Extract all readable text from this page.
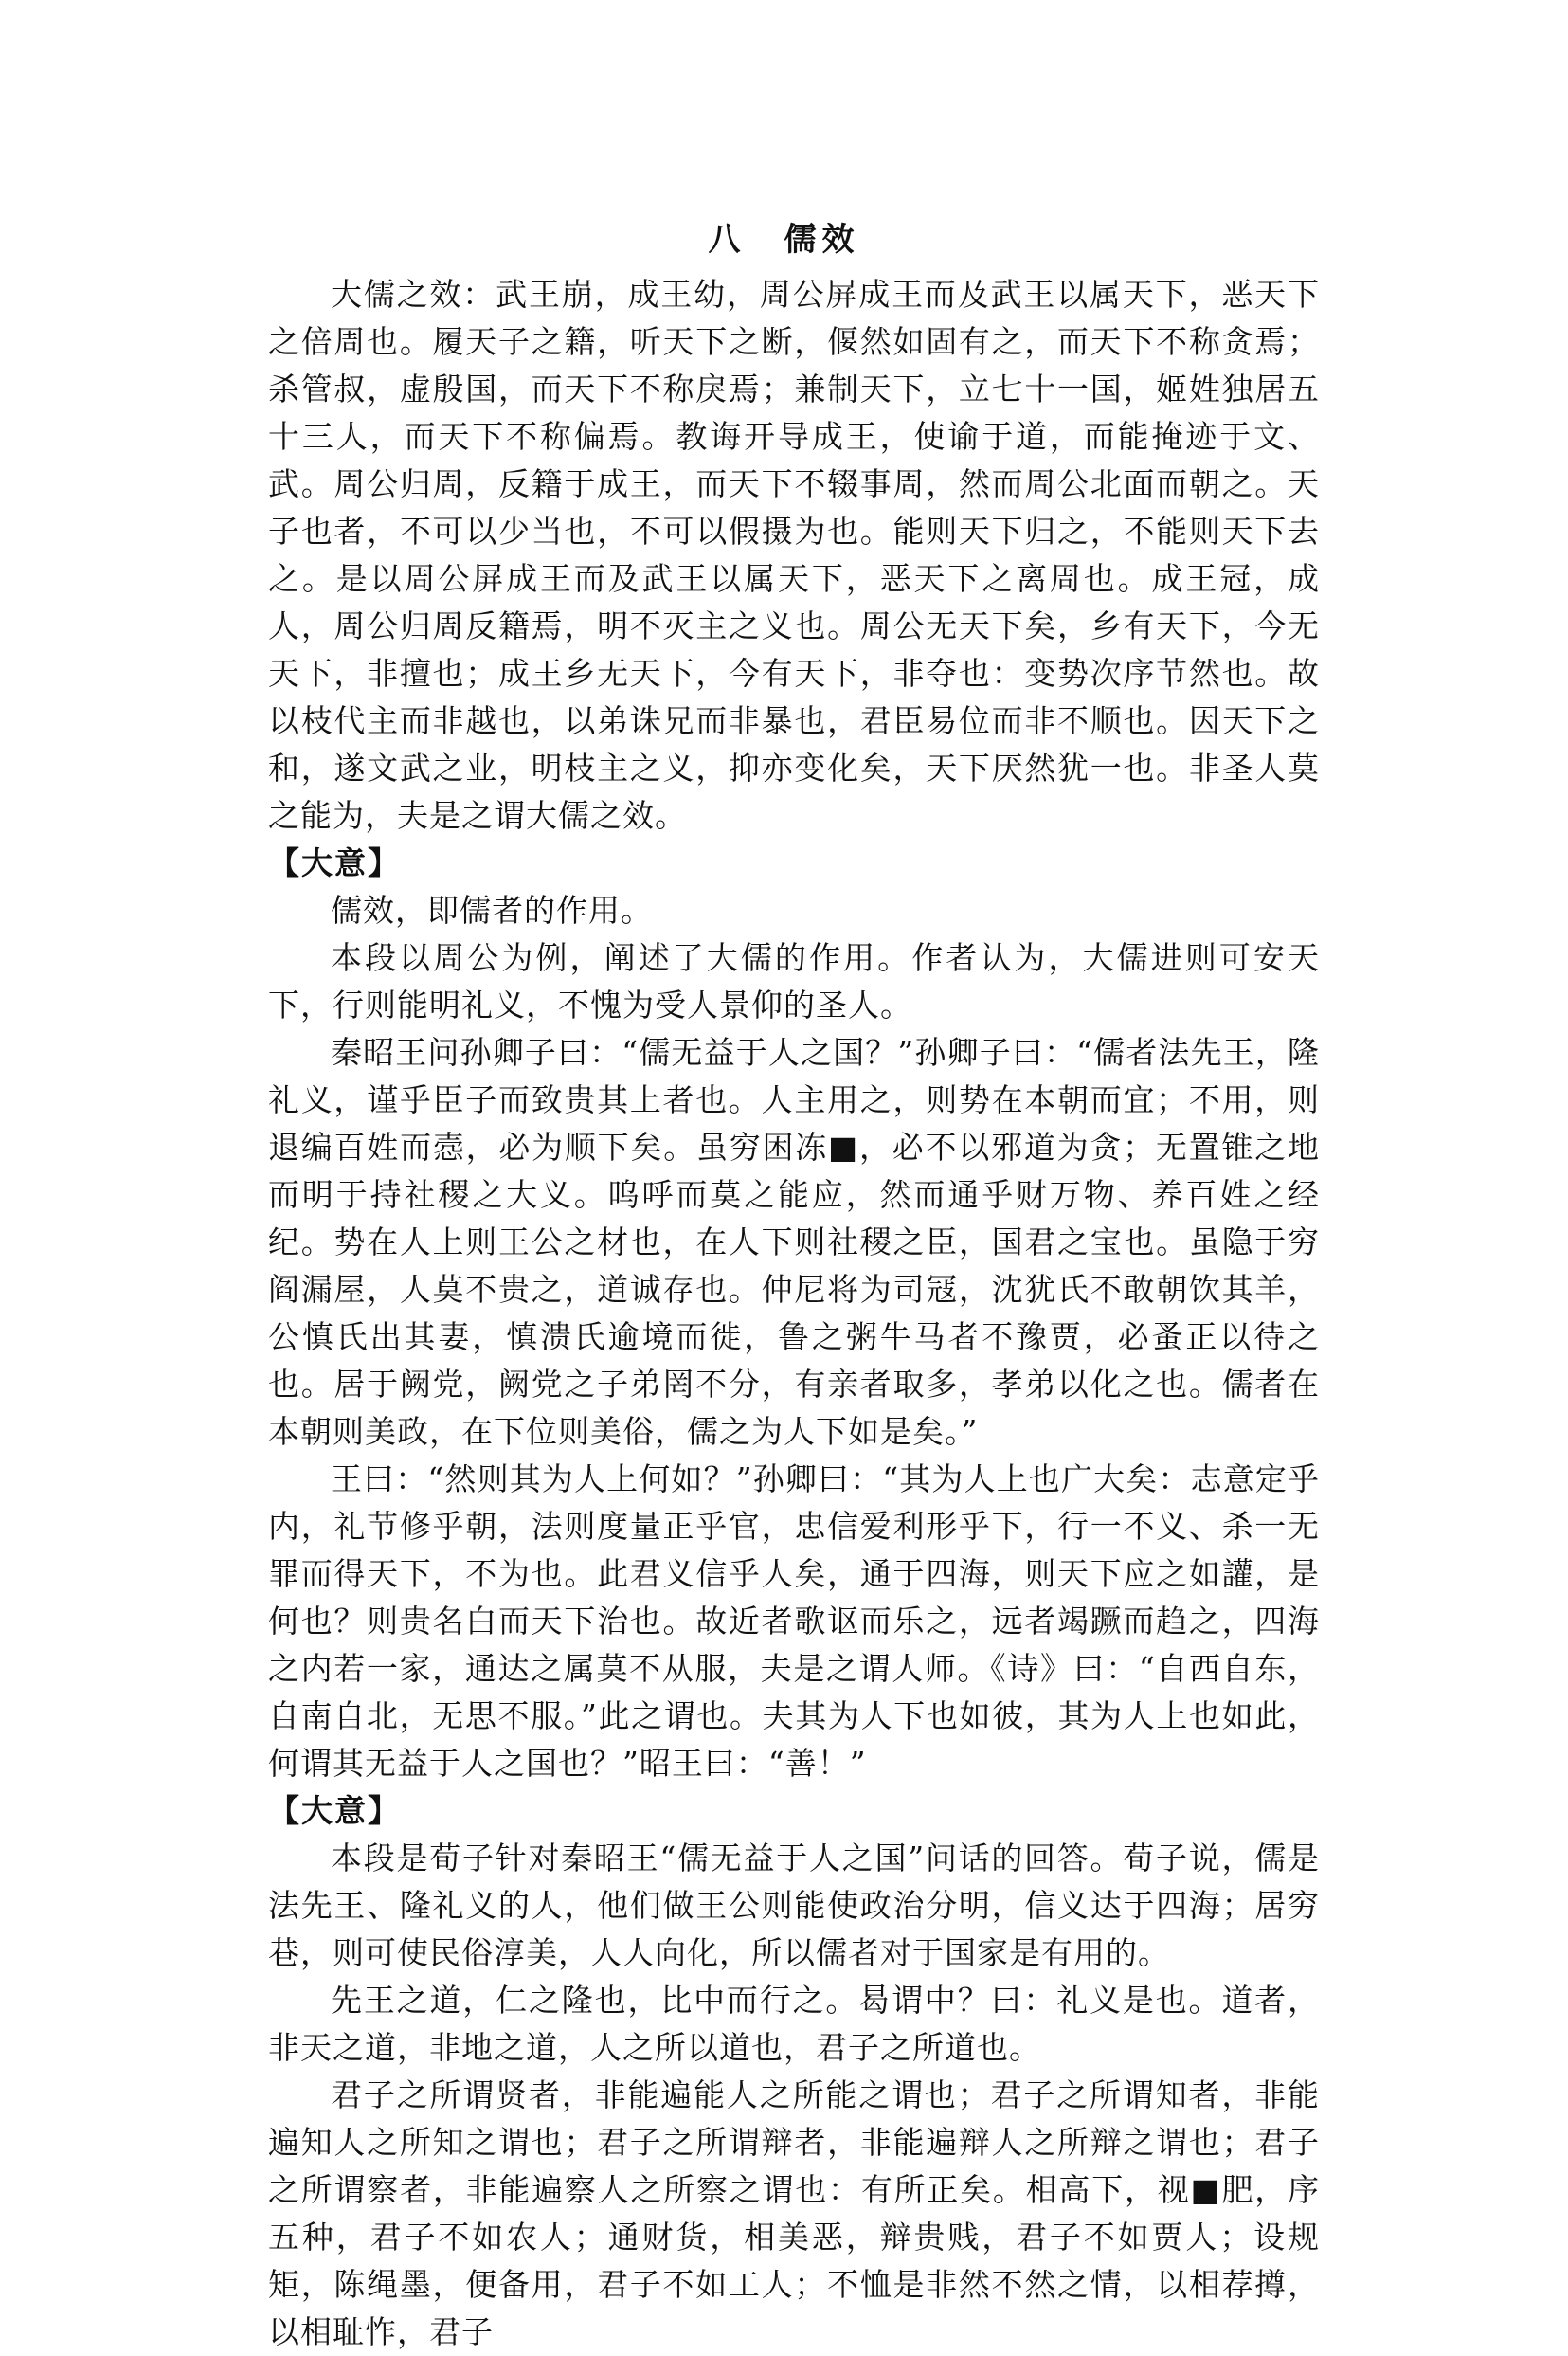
八　儒效

大儒之效：武王崩，成王幼，周公屏成王而及武王以属天下，恶天下之倍周也。履天子之籍，听天下之断，偃然如固有之，而天下不称贪焉；杀管叔，虚殷国，而天下不称戾焉；兼制天下，立七十一国，姬姓独居五十三人，而天下不称偏焉。教诲开导成王，使谕于道，而能掩迹于文、武。周公归周，反籍于成王，而天下不辍事周，然而周公北面而朝之。天子也者，不可以少当也，不可以假摄为也。能则天下归之，不能则天下去之。是以周公屏成王而及武王以属天下，恶天下之离周也。成王冠，成人，周公归周反籍焉，明不灭主之义也。周公无天下矣，乡有天下，今无天下，非擅也；成王乡无天下，今有天下，非夺也：变势次序节然也。故以枝代主而非越也，以弟诛兄而非暴也，君臣易位而非不顺也。因天下之和，遂文武之业，明枝主之义，抑亦变化矣，天下厌然犹一也。非圣人莫之能为，夫是之谓大儒之效。

【大意】

儒效，即儒者的作用。

本段以周公为例，阐述了大儒的作用。作者认为，大儒进则可安天下，行则能明礼义，不愧为受人景仰的圣人。

秦昭王问孙卿子曰：“儒无益于人之国？”孙卿子曰：“儒者法先王，隆礼义，谨乎臣子而致贵其上者也。人主用之，则势在本朝而宜；不用，则退编百姓而悫，必为顺下矣。虽穷困冻■，必不以邪道为贪；无置锥之地而明于持社稷之大义。呜呼而莫之能应，然而通乎财万物、养百姓之经纪。势在人上则王公之材也，在人下则社稷之臣，国君之宝也。虽隐于穷阎漏屋，人莫不贵之，道诚存也。仲尼将为司冦，沈犹氏不敢朝饮其羊，公慎氏出其妻，慎溃氏逾境而徙，鲁之粥牛马者不豫贾，必蚤正以待之也。居于阙党，阙党之子弟罔不分，有亲者取多，孝弟以化之也。儒者在本朝则美政，在下位则美俗，儒之为人下如是矣。”

王曰：“然则其为人上何如？”孙卿曰：“其为人上也广大矣：志意定乎内，礼节修乎朝，法则度量正乎官，忠信爱利形乎下，行一不义、杀一无罪而得天下，不为也。此君义信乎人矣，通于四海，则天下应之如讙，是何也？则贵名白而天下治也。故近者歌讴而乐之，远者竭蹶而趋之，四海之内若一家，通达之属莫不从服，夫是之谓人师。《诗》曰：“自西自东，自南自北，无思不服。”此之谓也。夫其为人下也如彼，其为人上也如此，何谓其无益于人之国也？”昭王曰：“善！”

【大意】

本段是荀子针对秦昭王“儒无益于人之国”问话的回答。荀子说，儒是法先王、隆礼义的人，他们做王公则能使政治分明，信义达于四海；居穷巷，则可使民俗淳美，人人向化，所以儒者对于国家是有用的。

先王之道，仁之隆也，比中而行之。曷谓中？曰：礼义是也。道者，非天之道，非地之道，人之所以道也，君子之所道也。

君子之所谓贤者，非能遍能人之所能之谓也；君子之所谓知者，非能遍知人之所知之谓也；君子之所谓辩者，非能遍辩人之所辩之谓也；君子之所谓察者，非能遍察人之所察之谓也：有所正矣。相高下，视■肥，序五种，君子不如农人；通财货，相美恶，辩贵贱，君子不如贾人；设规矩，陈绳墨，便备用，君子不如工人；不恤是非然不然之情，以相荐撙，以相耻怍，君子
